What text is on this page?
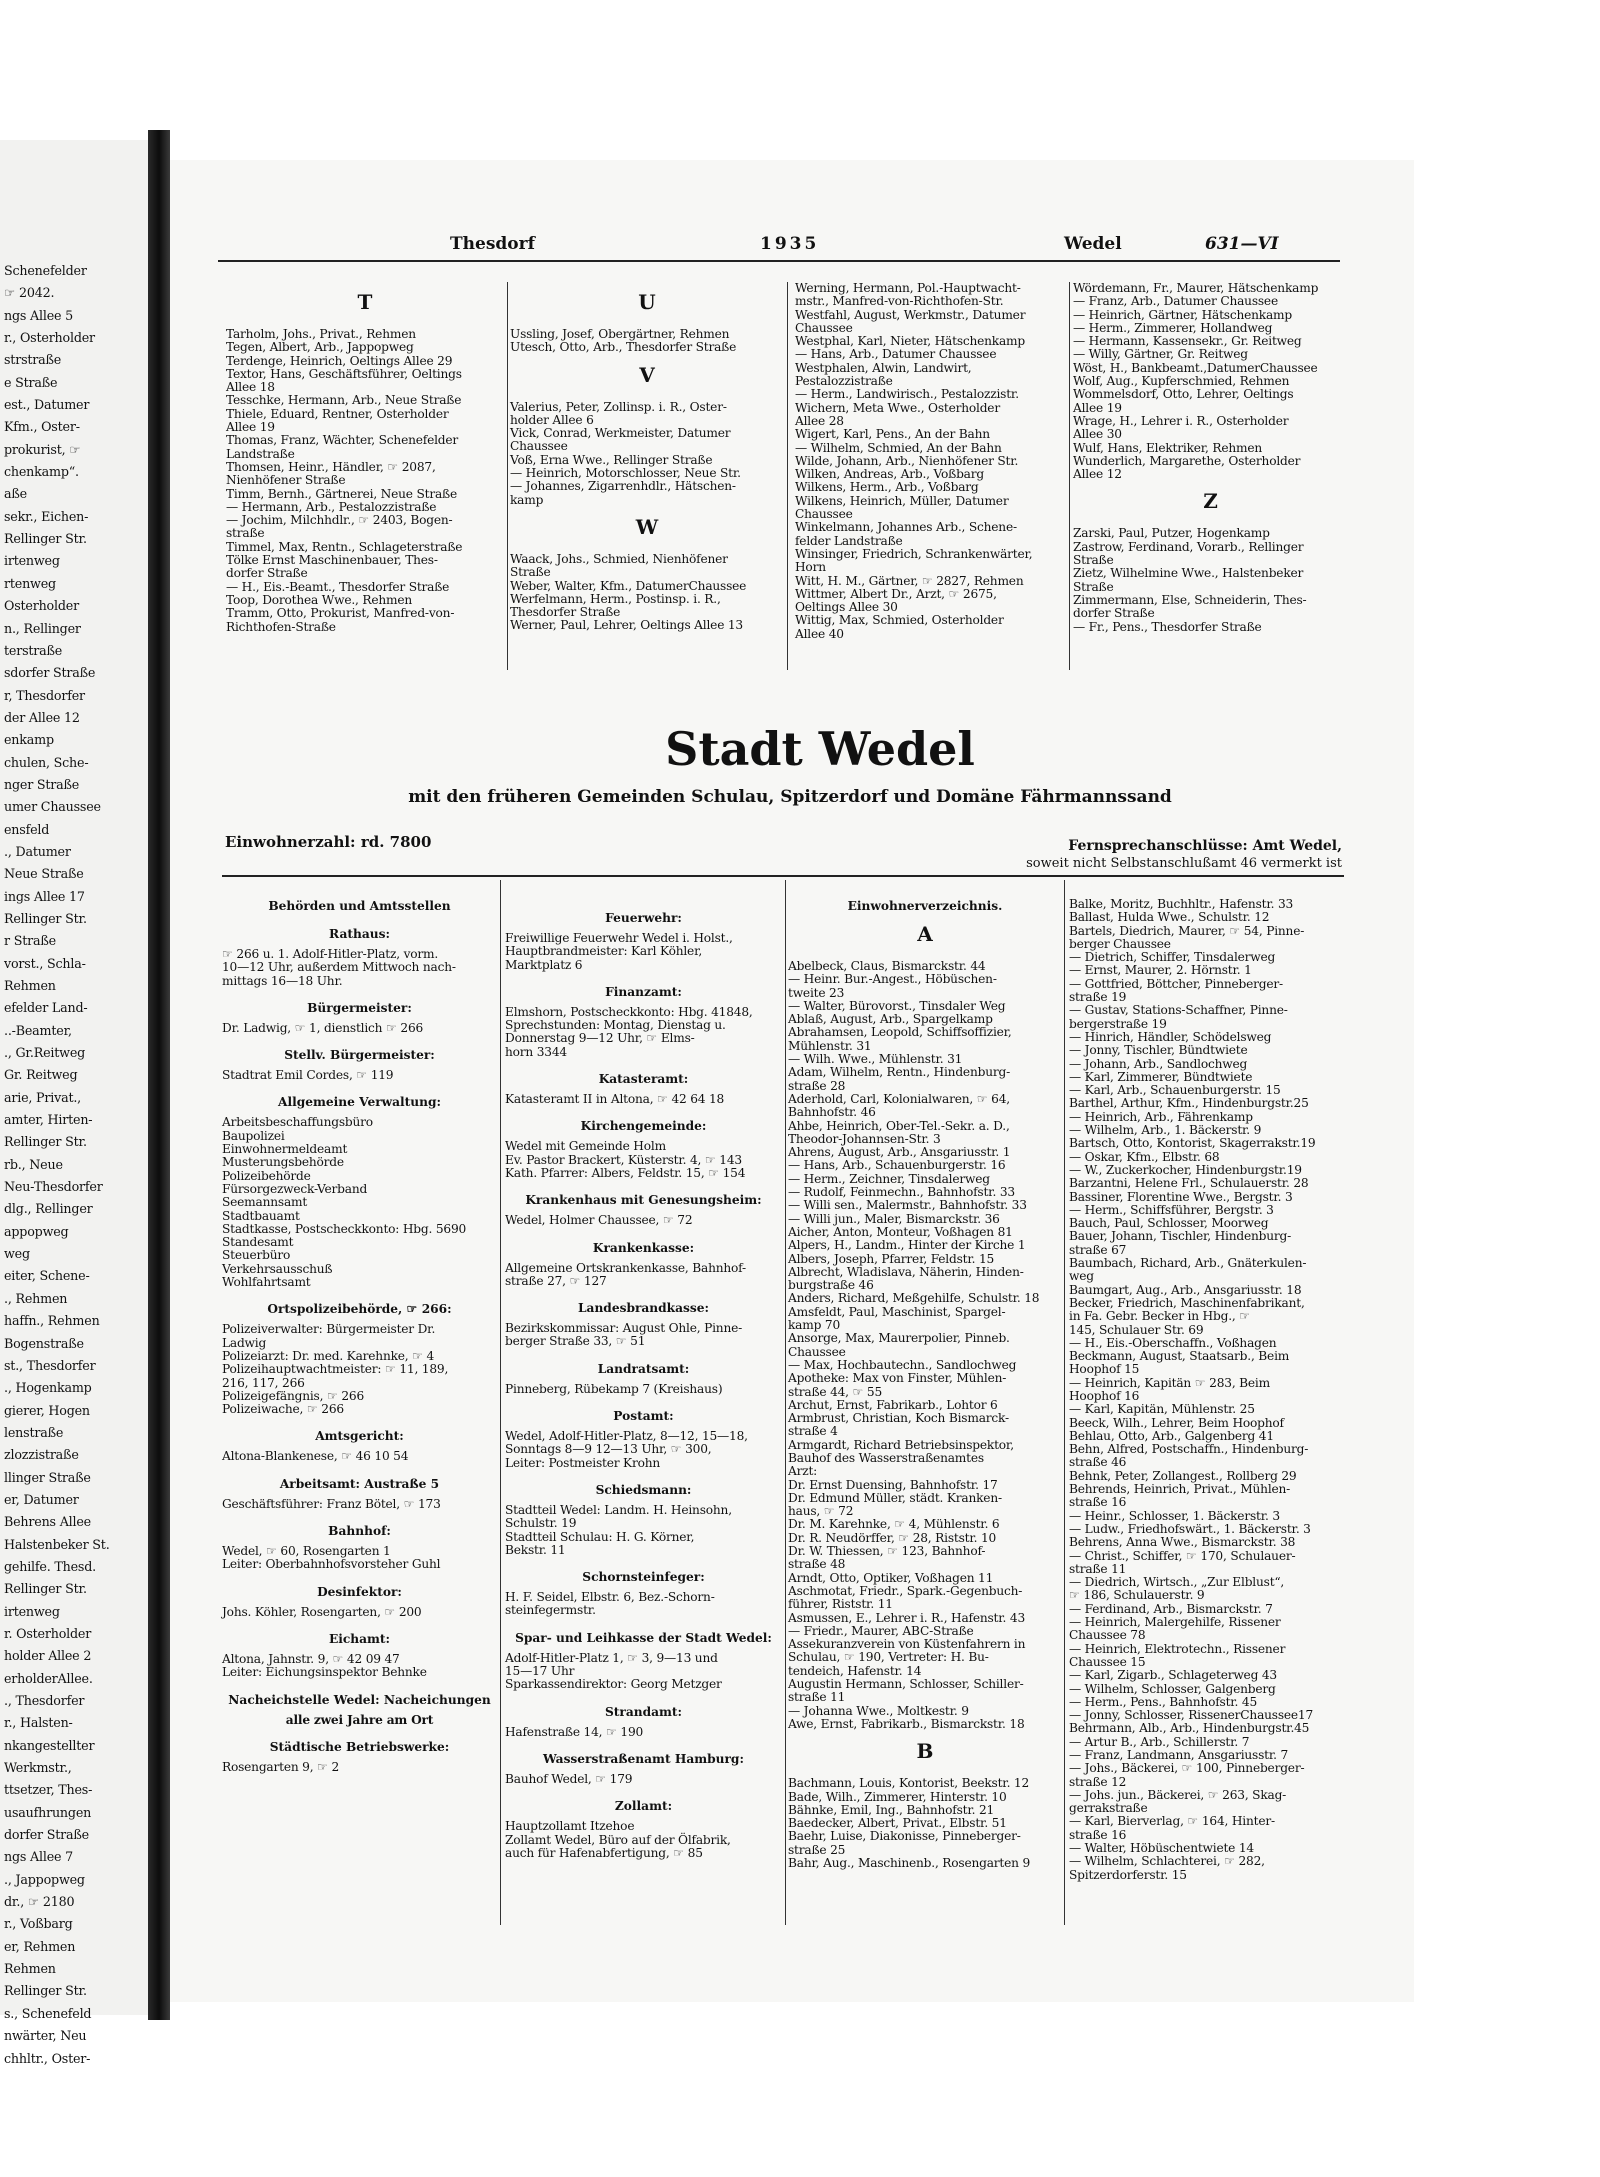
Schenefelder
☞ 2042.
ngs Allee 5
r., Osterholder
strstraße
e Straße
est., Datumer
Kfm., Oster-
prokurist, ☞
chenkamp“.
aße
sekr., Eichen-
Rellinger Str.
irtenweg
rtenweg
Osterholder
n., Rellinger
terstraße
sdorfer Straße
r, Thesdorfer
der Allee 12
enkamp
chulen, Sche-
nger Straße
umer Chaussee
ensfeld
., Datumer
Neue Straße
ings Allee 17
Rellinger Str.
r Straße
vorst., Schla-
Rehmen
efelder Land-
..-Beamter,
., Gr.Reitweg
Gr. Reitweg
arie, Privat.,
amter, Hirten-
Rellinger Str.
rb., Neue
Neu-Thesdorfer
dlg., Rellinger
appopweg
weg
eiter, Schene-
., Rehmen
haffn., Rehmen
Bogenstraße
st., Thesdorfer
., Hogenkamp
gierer, Hogen
lenstraße
zlozzistraße
llinger Straße
er, Datumer
Behrens Allee
Halstenbeker St.
gehilfe. Thesd.
Rellinger Str.
irtenweg
r. Osterholder
holder Allee 2
erholderAllee.
., Thesdorfer
r., Halsten-
nkangestellter
Werkmstr.,
ttsetzer, Thes-
usaufhrungen
dorfer Straße
ngs Allee 7
., Jappopweg
dr., ☞ 2180
r., Voßbarg
er, Rehmen
Rehmen
Rellinger Str.
s., Schenefeld
nwärter, Neu
chhltr., Oster-
Thesdorf	1935	Wedel	631—VI
T
Tarholm, Johs., Privat., Rehmen
Tegen, Albert, Arb., Jappopweg
Terdenge, Heinrich, Oeltings Allee 29
Textor, Hans, Geschäftsführer, Oeltings
Allee 18
Tesschke, Hermann, Arb., Neue Straße
Thiele, Eduard, Rentner, Osterholder
Allee 19
Thomas, Franz, Wächter, Schenefelder
Landstraße
Thomsen, Heinr., Händler, ☞ 2087,
Nienhöfener Straße
Timm, Bernh., Gärtnerei, Neue Straße
— Hermann, Arb., Pestalozzistraße
— Jochim, Milchhdlr., ☞ 2403, Bogen-
straße
Timmel, Max, Rentn., Schlageterstraße
Tölke Ernst Maschinenbauer, Thes-
dorfer Straße
— H., Eis.-Beamt., Thesdorfer Straße
Toop, Dorothea Wwe., Rehmen
Tramm, Otto, Prokurist, Manfred-von-
Richthofen-Straße
U
Ussling, Josef, Obergärtner, Rehmen
Utesch, Otto, Arb., Thesdorfer Straße
V
Valerius, Peter, Zollinsp. i. R., Oster-
holder Allee 6
Vick, Conrad, Werkmeister, Datumer
Chaussee
Voß, Erna Wwe., Rellinger Straße
— Heinrich, Motorschlosser, Neue Str.
— Johannes, Zigarrenhdlr., Hätschen-
kamp
W
Waack, Johs., Schmied, Nienhöfener
Straße
Weber, Walter, Kfm., DatumerChaussee
Werfelmann, Herm., Postinsp. i. R.,
Thesdorfer Straße
Werner, Paul, Lehrer, Oeltings Allee 13
Werning, Hermann, Pol.-Hauptwacht-
mstr., Manfred-von-Richthofen-Str.
Westfahl, August, Werkmstr., Datumer
Chaussee
Westphal, Karl, Nieter, Hätschenkamp
— Hans, Arb., Datumer Chaussee
Westphalen, Alwin, Landwirt,
Pestalozzistraße
— Herm., Landwirisch., Pestalozzistr.
Wichern, Meta Wwe., Osterholder
Allee 28
Wigert, Karl, Pens., An der Bahn
— Wilhelm, Schmied, An der Bahn
Wilde, Johann, Arb., Nienhöfener Str.
Wilken, Andreas, Arb., Voßbarg
Wilkens, Herm., Arb., Voßbarg
Wilkens, Heinrich, Müller, Datumer
Chaussee
Winkelmann, Johannes Arb., Schene-
felder Landstraße
Winsinger, Friedrich, Schrankenwärter,
Horn
Witt, H. M., Gärtner, ☞ 2827, Rehmen
Wittmer, Albert Dr., Arzt, ☞ 2675,
Oeltings Allee 30
Wittig, Max, Schmied, Osterholder
Allee 40
Wördemann, Fr., Maurer, Hätschenkamp
— Franz, Arb., Datumer Chaussee
— Heinrich, Gärtner, Hätschenkamp
— Herm., Zimmerer, Hollandweg
— Hermann, Kassensekr., Gr. Reitweg
— Willy, Gärtner, Gr. Reitweg
Wöst, H., Bankbeamt.,DatumerChaussee
Wolf, Aug., Kupferschmied, Rehmen
Wommelsdorf, Otto, Lehrer, Oeltings
Allee 19
Wrage, H., Lehrer i. R., Osterholder
Allee 30
Wulf, Hans, Elektriker, Rehmen
Wunderlich, Margarethe, Osterholder
Allee 12
Z
Zarski, Paul, Putzer, Hogenkamp
Zastrow, Ferdinand, Vorarb., Rellinger
Straße
Zietz, Wilhelmine Wwe., Halstenbeker
Straße
Zimmermann, Else, Schneiderin, Thes-
dorfer Straße
— Fr., Pens., Thesdorfer Straße
Stadt Wedel
mit den früheren Gemeinden Schulau, Spitzerdorf und Domäne Fährmannssand
Einwohnerzahl: rd. 7800	Fernsprechanschlüsse: Amt Wedel,
soweit nicht Selbstanschlußamt 46 vermerkt ist
Behörden und Amtsstellen
Rathaus:
☞ 266 u. 1. Adolf-Hitler-Platz, vorm.
10—12 Uhr, außerdem Mittwoch nach-
mittags 16—18 Uhr.
Bürgermeister:
Dr. Ladwig, ☞ 1, dienstlich ☞ 266
Stellv. Bürgermeister:
Stadtrat Emil Cordes, ☞ 119
Allgemeine Verwaltung:
Arbeitsbeschaffungsbüro
Baupolizei
Einwohnermeldeamt
Musterungsbehörde
Polizeibehörde
Fürsorgezweck-Verband
Seemannsamt
Stadtbauamt
Stadtkasse, Postscheckkonto: Hbg. 5690
Standesamt
Steuerbüro
Verkehrsausschuß
Wohlfahrtsamt
Ortspolizeibehörde, ☞ 266:
Polizeiverwalter: Bürgermeister Dr.
Ladwig
Polizeiarzt: Dr. med. Karehnke, ☞ 4
Polizeihauptwachtmeister: ☞ 11, 189,
216, 117, 266
Polizeigefängnis, ☞ 266
Polizeiwache, ☞ 266
Amtsgericht:
Altona-Blankenese, ☞ 46 10 54
Arbeitsamt: Austraße 5
Geschäftsführer: Franz Bötel, ☞ 173
Bahnhof:
Wedel, ☞ 60, Rosengarten 1
Leiter: Oberbahnhofsvorsteher Guhl
Desinfektor:
Johs. Köhler, Rosengarten, ☞ 200
Eichamt:
Altona, Jahnstr. 9, ☞ 42 09 47
Leiter: Eichungsinspektor Behnke
Nacheichstelle Wedel: Nacheichungen
alle zwei Jahre am Ort
Städtische Betriebswerke:
Rosengarten 9, ☞ 2
Feuerwehr:
Freiwillige Feuerwehr Wedel i. Holst.,
Hauptbrandmeister: Karl Köhler,
Marktplatz 6
Finanzamt:
Elmshorn, Postscheckkonto: Hbg. 41848,
Sprechstunden: Montag, Dienstag u.
Donnerstag 9—12 Uhr, ☞ Elms-
horn 3344
Katasteramt:
Katasteramt II in Altona, ☞ 42 64 18
Kirchengemeinde:
Wedel mit Gemeinde Holm
Ev. Pastor Brackert, Küsterstr. 4, ☞ 143
Kath. Pfarrer: Albers, Feldstr. 15, ☞ 154
Krankenhaus mit Genesungsheim:
Wedel, Holmer Chaussee, ☞ 72
Krankenkasse:
Allgemeine Ortskrankenkasse, Bahnhof-
straße 27, ☞ 127
Landesbrandkasse:
Bezirkskommissar: August Ohle, Pinne-
berger Straße 33, ☞ 51
Landratsamt:
Pinneberg, Rübekamp 7 (Kreishaus)
Postamt:
Wedel, Adolf-Hitler-Platz, 8—12, 15—18,
Sonntags 8—9 12—13 Uhr, ☞ 300,
Leiter: Postmeister Krohn
Schiedsmann:
Stadtteil Wedel: Landm. H. Heinsohn,
Schulstr. 19
Stadtteil Schulau: H. G. Körner,
Bekstr. 11
Schornsteinfeger:
H. F. Seidel, Elbstr. 6, Bez.-Schorn-
steinfegermstr.
Spar- und Leihkasse der Stadt Wedel:
Adolf-Hitler-Platz 1, ☞ 3, 9—13 und
15—17 Uhr
Sparkassendirektor: Georg Metzger
Strandamt:
Hafenstraße 14, ☞ 190
Wasserstraßenamt Hamburg:
Bauhof Wedel, ☞ 179
Zollamt:
Hauptzollamt Itzehoe
Zollamt Wedel, Büro auf der Ölfabrik,
auch für Hafenabfertigung, ☞ 85
Einwohnerverzeichnis.
A
Abelbeck, Claus, Bismarckstr. 44
— Heinr. Bur.-Angest., Höbüschen-
tweite 23
— Walter, Bürovorst., Tinsdaler Weg
Ablaß, August, Arb., Spargelkamp
Abrahamsen, Leopold, Schiffsoffizier,
Mühlenstr. 31
— Wilh. Wwe., Mühlenstr. 31
Adam, Wilhelm, Rentn., Hindenburg-
straße 28
Aderhold, Carl, Kolonialwaren, ☞ 64,
Bahnhofstr. 46
Ahbe, Heinrich, Ober-Tel.-Sekr. a. D.,
Theodor-Johannsen-Str. 3
Ahrens, August, Arb., Ansgariusstr. 1
— Hans, Arb., Schauenburgerstr. 16
— Herm., Zeichner, Tinsdalerweg
— Rudolf, Feinmechn., Bahnhofstr. 33
— Willi sen., Malermstr., Bahnhofstr. 33
— Willi jun., Maler, Bismarckstr. 36
Aicher, Anton, Monteur, Voßhagen 81
Alpers, H., Landm., Hinter der Kirche 1
Albers, Joseph, Pfarrer, Feldstr. 15
Albrecht, Wladislava, Näherin, Hinden-
burgstraße 46
Anders, Richard, Meßgehilfe, Schulstr. 18
Amsfeldt, Paul, Maschinist, Spargel-
kamp 70
Ansorge, Max, Maurerpolier, Pinneb.
Chaussee
— Max, Hochbautechn., Sandlochweg
Apotheke: Max von Finster, Mühlen-
straße 44, ☞ 55
Archut, Ernst, Fabrikarb., Lohtor 6
Armbrust, Christian, Koch Bismarck-
straße 4
Armgardt, Richard Betriebsinspektor,
Bauhof des Wasserstraßenamtes
Arzt:
Dr. Ernst Duensing, Bahnhofstr. 17
Dr. Edmund Müller, städt. Kranken-
haus, ☞ 72
Dr. M. Karehnke, ☞ 4, Mühlenstr. 6
Dr. R. Neudörffer, ☞ 28, Riststr. 10
Dr. W. Thiessen, ☞ 123, Bahnhof-
straße 48
Arndt, Otto, Optiker, Voßhagen 11
Aschmotat, Friedr., Spark.-Gegenbuch-
führer, Riststr. 11
Asmussen, E., Lehrer i. R., Hafenstr. 43
— Friedr., Maurer, ABC-Straße
Assekuranzverein von Küstenfahrern in
Schulau, ☞ 190, Vertreter: H. Bu-
tendeich, Hafenstr. 14
Augustin Hermann, Schlosser, Schiller-
straße 11
— Johanna Wwe., Moltkestr. 9
Awe, Ernst, Fabrikarb., Bismarckstr. 18
B
Bachmann, Louis, Kontorist, Beekstr. 12
Bade, Wilh., Zimmerer, Hinterstr. 10
Bähnke, Emil, Ing., Bahnhofstr. 21
Baedecker, Albert, Privat., Elbstr. 51
Baehr, Luise, Diakonisse, Pinneberger-
straße 25
Bahr, Aug., Maschinenb., Rosengarten 9
Balke, Moritz, Buchhltr., Hafenstr. 33
Ballast, Hulda Wwe., Schulstr. 12
Bartels, Diedrich, Maurer, ☞ 54, Pinne-
berger Chaussee
— Dietrich, Schiffer, Tinsdalerweg
— Ernst, Maurer, 2. Hörnstr. 1
— Gottfried, Böttcher, Pinneberger-
straße 19
— Gustav, Stations-Schaffner, Pinne-
bergerstraße 19
— Hinrich, Händler, Schödelsweg
— Jonny, Tischler, Bündtwiete
— Johann, Arb., Sandlochweg
— Karl, Zimmerer, Bündtwiete
— Karl, Arb., Schauenburgerstr. 15
Barthel, Arthur, Kfm., Hindenburgstr.25
— Heinrich, Arb., Fährenkamp
— Wilhelm, Arb., 1. Bäckerstr. 9
Bartsch, Otto, Kontorist, Skagerrakstr.19
— Oskar, Kfm., Elbstr. 68
— W., Zuckerkocher, Hindenburgstr.19
Barzantni, Helene Frl., Schulauerstr. 28
Bassiner, Florentine Wwe., Bergstr. 3
— Herm., Schiffsführer, Bergstr. 3
Bauch, Paul, Schlosser, Moorweg
Bauer, Johann, Tischler, Hindenburg-
straße 67
Baumbach, Richard, Arb., Gnäterkulen-
weg
Baumgart, Aug., Arb., Ansgariusstr. 18
Becker, Friedrich, Maschinenfabrikant,
in Fa. Gebr. Becker in Hbg., ☞
145, Schulauer Str. 69
— H., Eis.-Oberschaffn., Voßhagen
Beckmann, August, Staatsarb., Beim
Hoophof 15
— Heinrich, Kapitän ☞ 283, Beim
Hoophof 16
— Karl, Kapitän, Mühlenstr. 25
Beeck, Wilh., Lehrer, Beim Hoophof
Behlau, Otto, Arb., Galgenberg 41
Behn, Alfred, Postschaffn., Hindenburg-
straße 46
Behnk, Peter, Zollangest., Rollberg 29
Behrends, Heinrich, Privat., Mühlen-
straße 16
— Heinr., Schlosser, 1. Bäckerstr. 3
— Ludw., Friedhofswärt., 1. Bäckerstr. 3
Behrens, Anna Wwe., Bismarckstr. 38
— Christ., Schiffer, ☞ 170, Schulauer-
straße 11
— Diedrich, Wirtsch., „Zur Elblust“,
☞ 186, Schulauerstr. 9
— Ferdinand, Arb., Bismarckstr. 7
— Heinrich, Malergehilfe, Rissener
Chaussee 78
— Heinrich, Elektrotechn., Rissener
Chaussee 15
— Karl, Zigarb., Schlageterweg 43
— Wilhelm, Schlosser, Galgenberg
— Herm., Pens., Bahnhofstr. 45
— Jonny, Schlosser, RissenerChaussee17
Behrmann, Alb., Arb., Hindenburgstr.45
— Artur B., Arb., Schillerstr. 7
— Franz, Landmann, Ansgariusstr. 7
— Johs., Bäckerei, ☞ 100, Pinneberger-
straße 12
— Johs. jun., Bäckerei, ☞ 263, Skag-
gerrakstraße
— Karl, Bierverlag, ☞ 164, Hinter-
straße 16
— Walter, Höbüschentwiete 14
— Wilhelm, Schlachterei, ☞ 282,
Spitzerdorferstr. 15
